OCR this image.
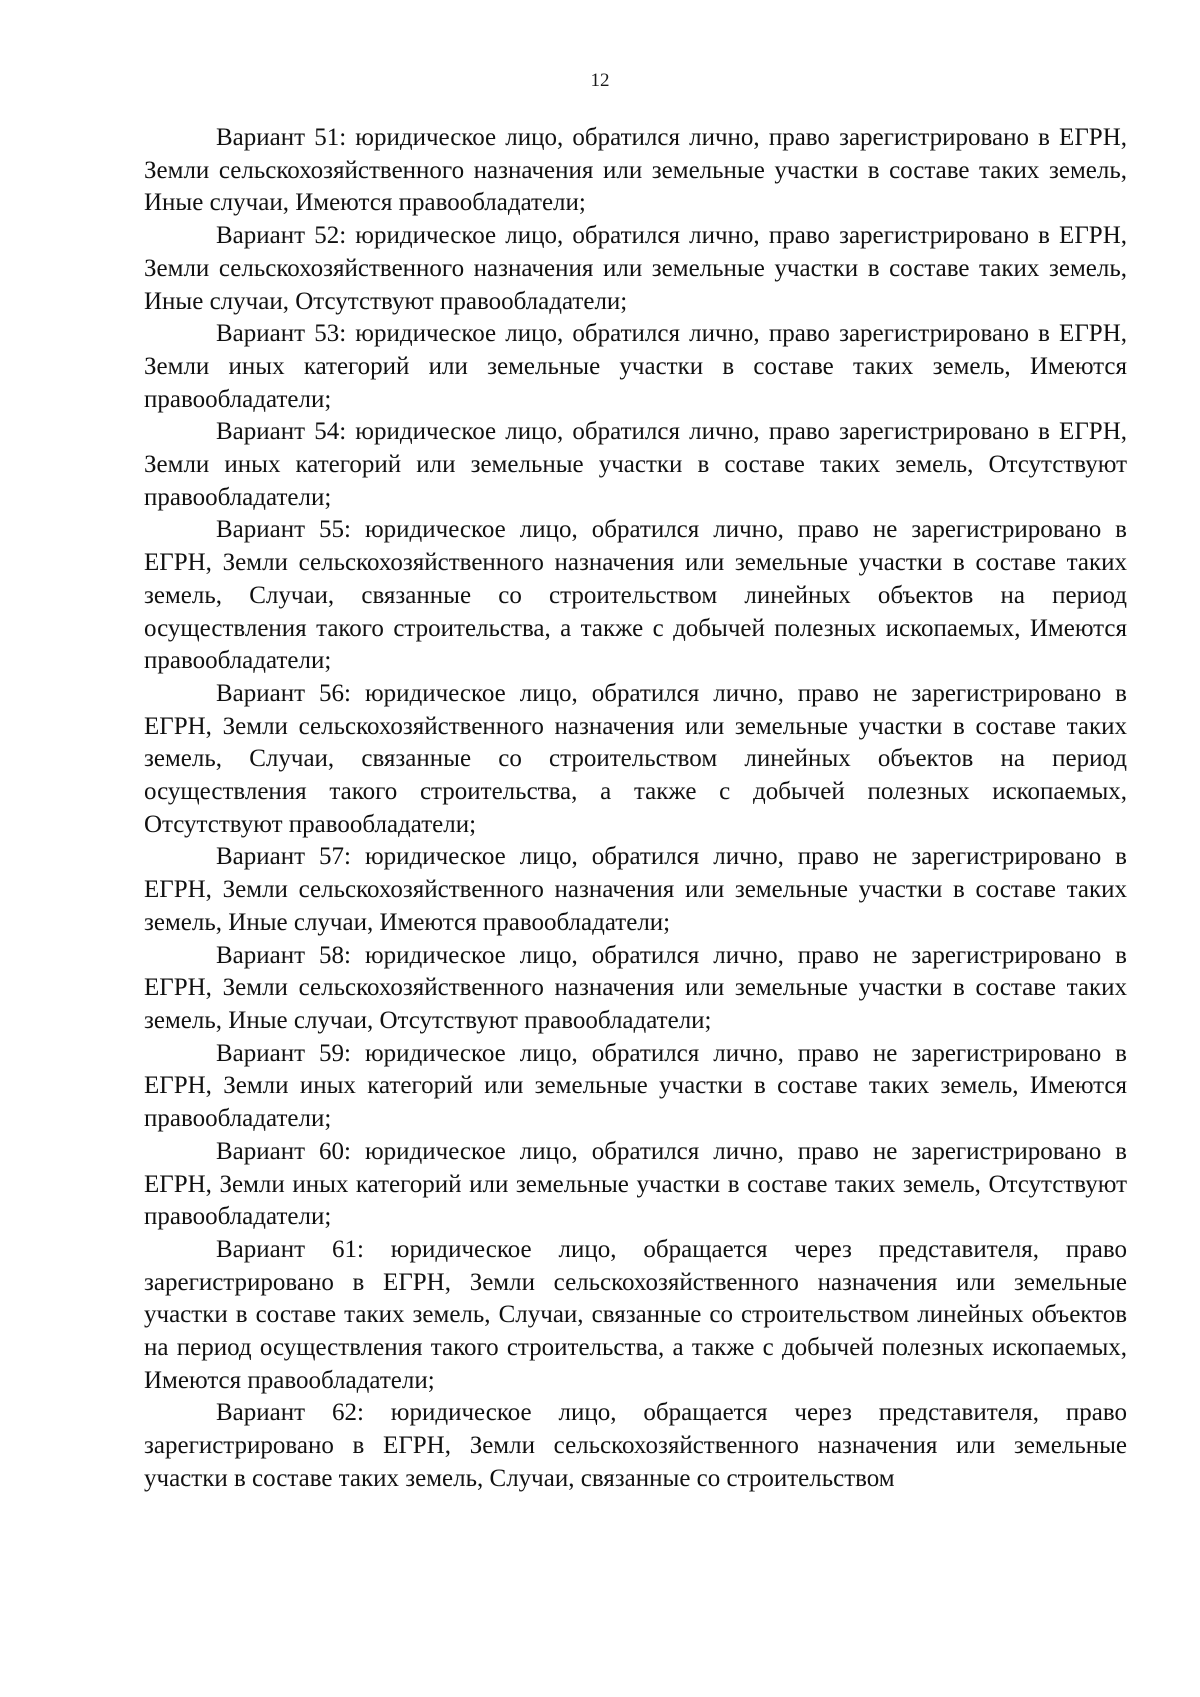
12

Вариант 51: юридическое лицо, обратился лично, право зарегистрировано в ЕГРН, Земли сельскохозяйственного назначения или земельные участки в составе таких земель, Иные случаи, Имеются правообладатели;

Вариант 52: юридическое лицо, обратился лично, право зарегистрировано в ЕГРН, Земли сельскохозяйственного назначения или земельные участки в составе таких земель, Иные случаи, Отсутствуют правообладатели;

Вариант 53: юридическое лицо, обратился лично, право зарегистрировано в ЕГРН, Земли иных категорий или земельные участки в составе таких земель, Имеются правообладатели;

Вариант 54: юридическое лицо, обратился лично, право зарегистрировано в ЕГРН, Земли иных категорий или земельные участки в составе таких земель, Отсутствуют правообладатели;

Вариант 55: юридическое лицо, обратился лично, право не зарегистрировано в ЕГРН, Земли сельскохозяйственного назначения или земельные участки в составе таких земель, Случаи, связанные со строительством линейных объектов на период осуществления такого строительства, а также с добычей полезных ископаемых, Имеются правообладатели;

Вариант 56: юридическое лицо, обратился лично, право не зарегистрировано в ЕГРН, Земли сельскохозяйственного назначения или земельные участки в составе таких земель, Случаи, связанные со строительством линейных объектов на период осуществления такого строительства, а также с добычей полезных ископаемых, Отсутствуют правообладатели;

Вариант 57: юридическое лицо, обратился лично, право не зарегистрировано в ЕГРН, Земли сельскохозяйственного назначения или земельные участки в составе таких земель, Иные случаи, Имеются правообладатели;

Вариант 58: юридическое лицо, обратился лично, право не зарегистрировано в ЕГРН, Земли сельскохозяйственного назначения или земельные участки в составе таких земель, Иные случаи, Отсутствуют правообладатели;

Вариант 59: юридическое лицо, обратился лично, право не зарегистрировано в ЕГРН, Земли иных категорий или земельные участки в составе таких земель, Имеются правообладатели;

Вариант 60: юридическое лицо, обратился лично, право не зарегистрировано в ЕГРН, Земли иных категорий или земельные участки в составе таких земель, Отсутствуют правообладатели;

Вариант 61: юридическое лицо, обращается через представителя, право зарегистрировано в ЕГРН, Земли сельскохозяйственного назначения или земельные участки в составе таких земель, Случаи, связанные со строительством линейных объектов на период осуществления такого строительства, а также с добычей полезных ископаемых, Имеются правообладатели;

Вариант 62: юридическое лицо, обращается через представителя, право зарегистрировано в ЕГРН, Земли сельскохозяйственного назначения или земельные участки в составе таких земель, Случаи, связанные со строительством
